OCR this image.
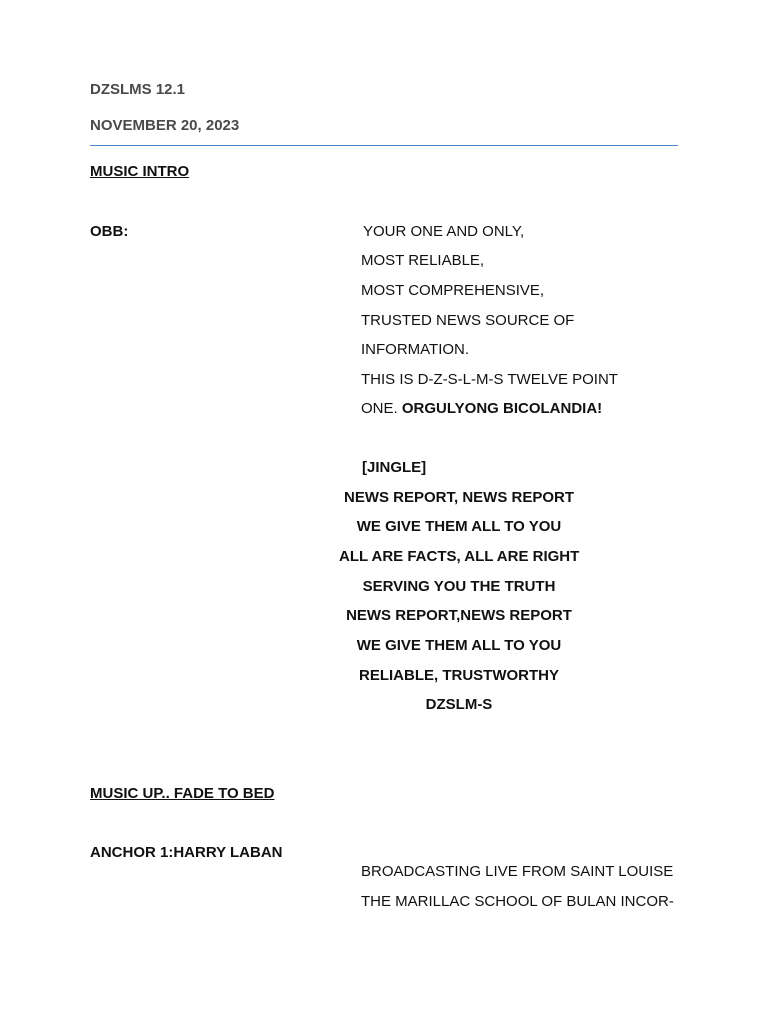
DZSLMS 12.1

NOVEMBER 20, 2023

MUSIC INTRO

OBB:	YOUR ONE AND ONLY,

MOST RELIABLE,

MOST COMPREHENSIVE,

TRUSTED NEWS SOURCE OF

INFORMATION.

THIS IS D-Z-S-L-M-S TWELVE POINT

ONE. ORGULYONG BICOLANDIA!

[JINGLE]

NEWS REPORT, NEWS REPORT

WE GIVE THEM ALL TO YOU

ALL ARE FACTS, ALL ARE RIGHT

SERVING YOU THE TRUTH

NEWS REPORT,NEWS REPORT

WE GIVE THEM ALL TO YOU

RELIABLE, TRUSTWORTHY

DZSLM-S

MUSIC UP.. FADE TO BED

ANCHOR 1:HARRY LABAN

BROADCASTING LIVE FROM SAINT LOUISE

THE MARILLAC SCHOOL OF BULAN INCOR-
